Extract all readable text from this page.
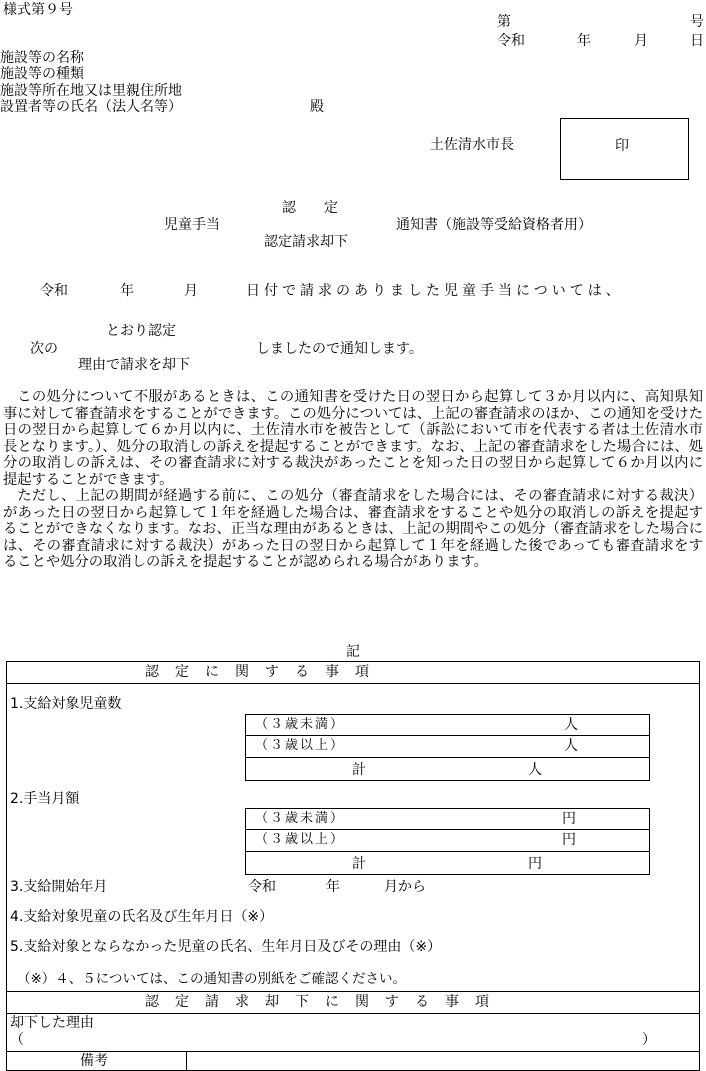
様式第９号
第	号
令和	年	月	日
施設等の名称
施設等の種類
施設等所在地又は里親住所地
設置者等の氏名（法人名等）	殿
土佐清水市長	印
認　　定
児童手当	通知書（施設等受給資格者用）
認定請求却下
令和	年	月	日付で請求のありました児童手当については、
とおり認定
次の	しましたので通知します。
理由で請求を却下

この処分について不服があるときは、この通知書を受けた日の翌日から起算して３か月以内に、高知県知事に対して審査請求をすることができます。この処分については、上記の審査請求のほか、この通知を受けた日の翌日から起算して６か月以内に、土佐清水市を被告として（訴訟において市を代表する者は土佐清水市長となります。）、処分の取消しの訴えを提起することができます。なお、上記の審査請求をした場合には、処分の取消しの訴えは、その審査請求に対する裁決があったことを知った日の翌日から起算して６か月以内に提起することができます。

ただし、上記の期間が経過する前に、この処分（審査請求をした場合には、その審査請求に対する裁決）があった日の翌日から起算して１年を経過した場合は、審査請求をすることや処分の取消しの訴えを提起することができなくなります。なお、正当な理由があるときは、上記の期間やこの処分（審査請求をした場合には、その審査請求に対する裁決）があった日の翌日から起算して１年を経過した後であっても審査請求をすることや処分の取消しの訴えを提起することが認められる場合があります。

記
認　定　に　関　す　る　事　項
1.支給対象児童数
（３歳未満）	人
（３歳以上）	人
計	人
2.手当月額
（３歳未満）	円
（３歳以上）	円
計	円
3.支給開始年月	令和	年	月から
4.支給対象児童の氏名及び生年月日（※）
5.支給対象とならなかった児童の氏名、生年月日及びその理由（※）
（※）４、５については、この通知書の別紙をご確認ください。
認　定　請　求　却　下　に　関　す　る　事　項
却下した理由
（	）
備考
